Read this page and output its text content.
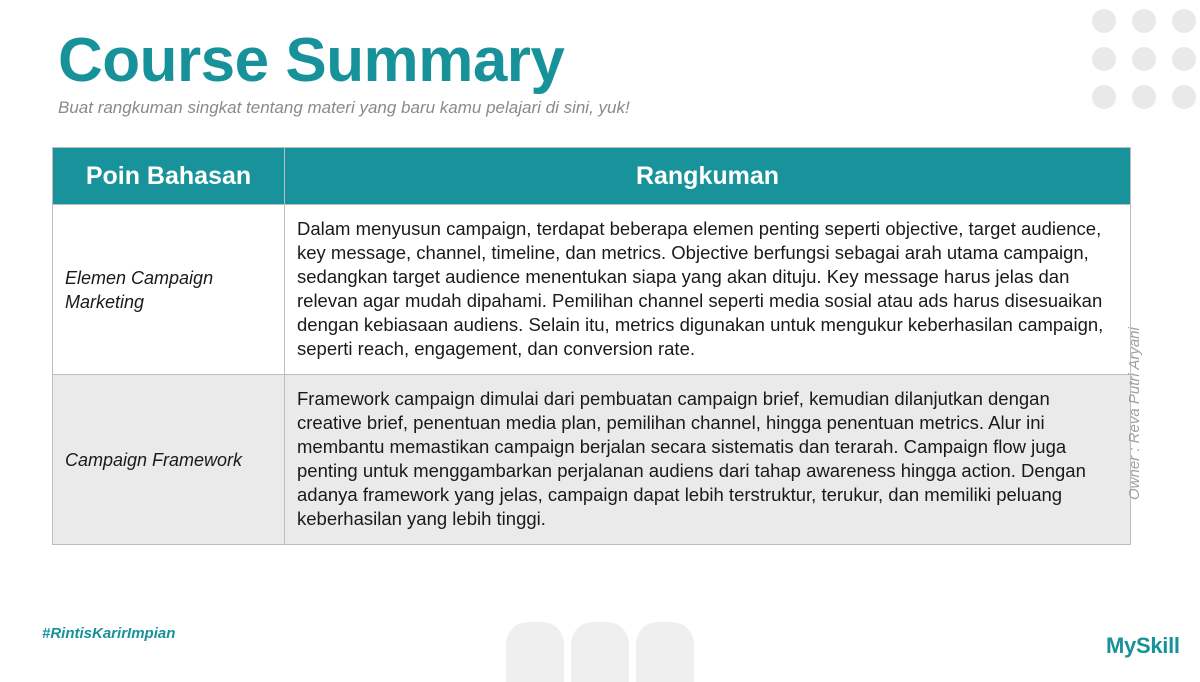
Course Summary
Buat rangkuman singkat tentang materi yang baru kamu pelajari di sini, yuk!
Poin Bahasan	Rangkuman
Elemen Campaign Marketing	Dalam menyusun campaign, terdapat beberapa elemen penting seperti objective, target audience, key message, channel, timeline, dan metrics. Objective berfungsi sebagai arah utama campaign, sedangkan target audience menentukan siapa yang akan dituju. Key message harus jelas dan relevan agar mudah dipahami. Pemilihan channel seperti media sosial atau ads harus disesuaikan dengan kebiasaan audiens. Selain itu, metrics digunakan untuk mengukur keberhasilan campaign, seperti reach, engagement, dan conversion rate.
Campaign Framework	Framework campaign dimulai dari pembuatan campaign brief, kemudian dilanjutkan dengan creative brief, penentuan media plan, pemilihan channel, hingga penentuan metrics. Alur ini membantu memastikan campaign berjalan secara sistematis dan terarah. Campaign flow juga penting untuk menggambarkan perjalanan audiens dari tahap awareness hingga action. Dengan adanya framework yang jelas, campaign dapat lebih terstruktur, terukur, dan memiliki peluang keberhasilan yang lebih tinggi.
Owner : Reva Putri Aryani
#RintisKarirImpian	MySkill
